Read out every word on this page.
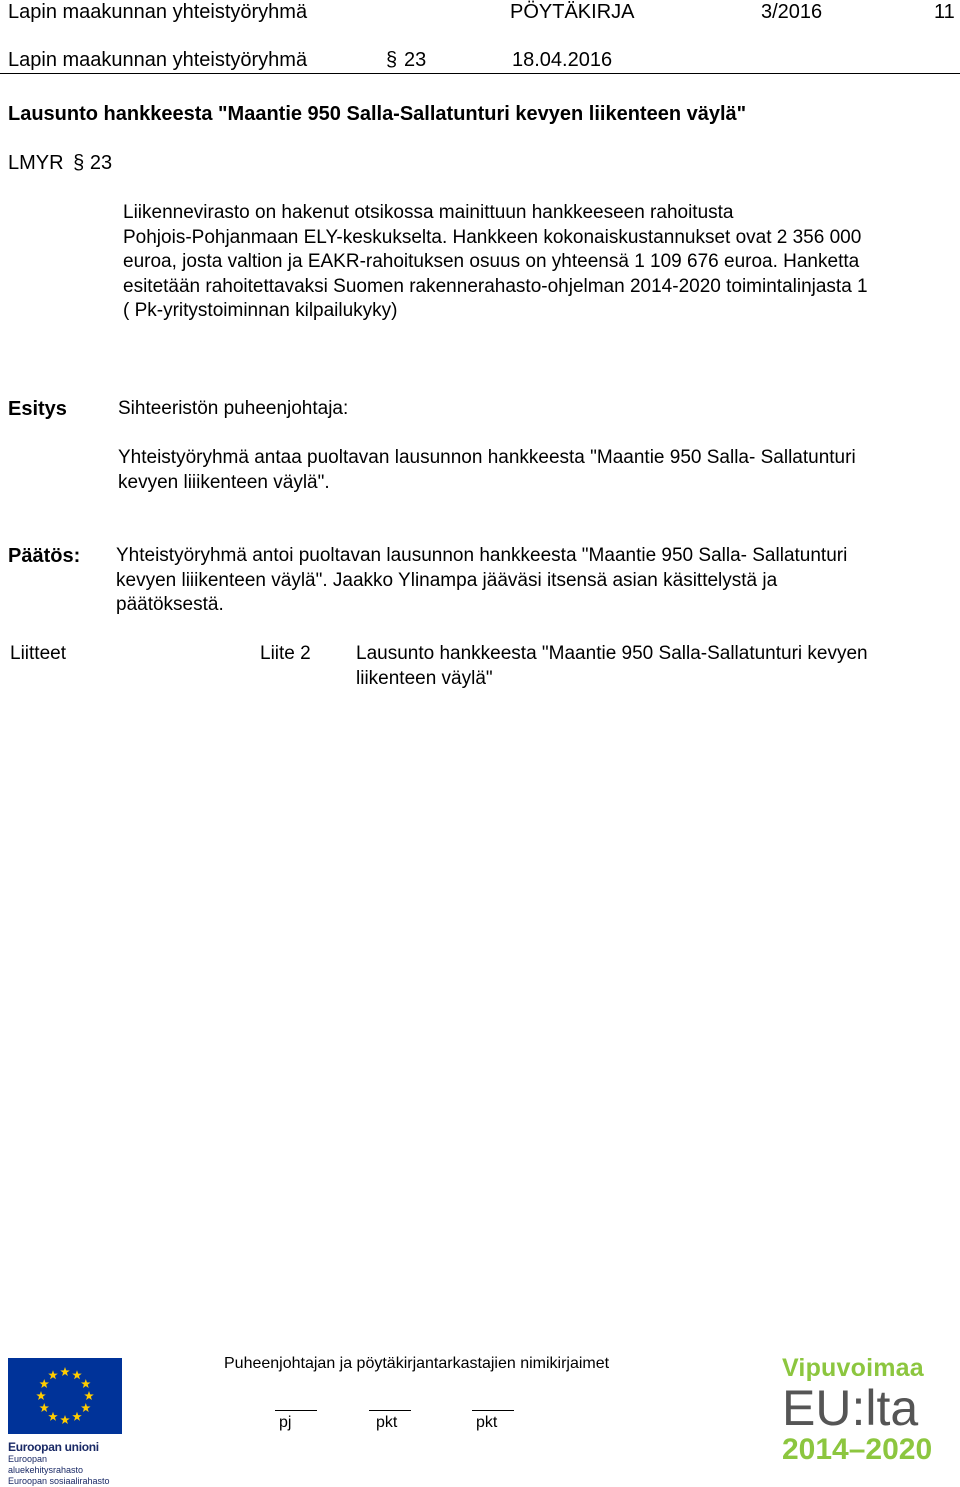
Lapin maakunnan yhteistyöryhmä	PÖYTÄKIRJA	3/2016	11
Lapin maakunnan yhteistyöryhmä	§ 23	18.04.2016
Lausunto hankkeesta "Maantie 950 Salla-Sallatunturi kevyen liikenteen väylä"
LMYR § 23
Liikennevirasto on hakenut otsikossa mainittuun hankkeeseen rahoitusta
Pohjois-Pohjanmaan ELY-keskukselta. Hankkeen kokonaiskustannukset ovat 2 356 000
euroa, josta valtion ja EAKR-rahoituksen osuus on yhteensä 1 109 676 euroa. Hanketta
esitetään rahoitettavaksi Suomen rakennerahasto-ohjelman 2014-2020 toimintalinjasta 1
( Pk-yritystoiminnan kilpailukyky)
Esitys	Sihteeristön puheenjohtaja:
Yhteistyöryhmä antaa puoltavan lausunnon hankkeesta "Maantie 950 Salla- Sallatunturi
kevyen liiikenteen väylä".
Päätös: Yhteistyöryhmä antoi puoltavan lausunnon hankkeesta "Maantie 950 Salla- Sallatunturi
kevyen liiikenteen väylä". Jaakko Ylinampa jääväsi itsensä asian käsittelystä ja
päätöksestä.
Liitteet	Liite 2 Lausunto hankkeesta "Maantie 950 Salla-Sallatunturi kevyen
liikenteen väylä"
Puheenjohtajan ja pöytäkirjantarkastajien nimikirjaimet
pj	pkt	pkt
Euroopan unioni
Euroopan aluekehitysrahasto
Euroopan sosiaalirahasto
Vipuvoimaa
EU:lta
2014–2020
